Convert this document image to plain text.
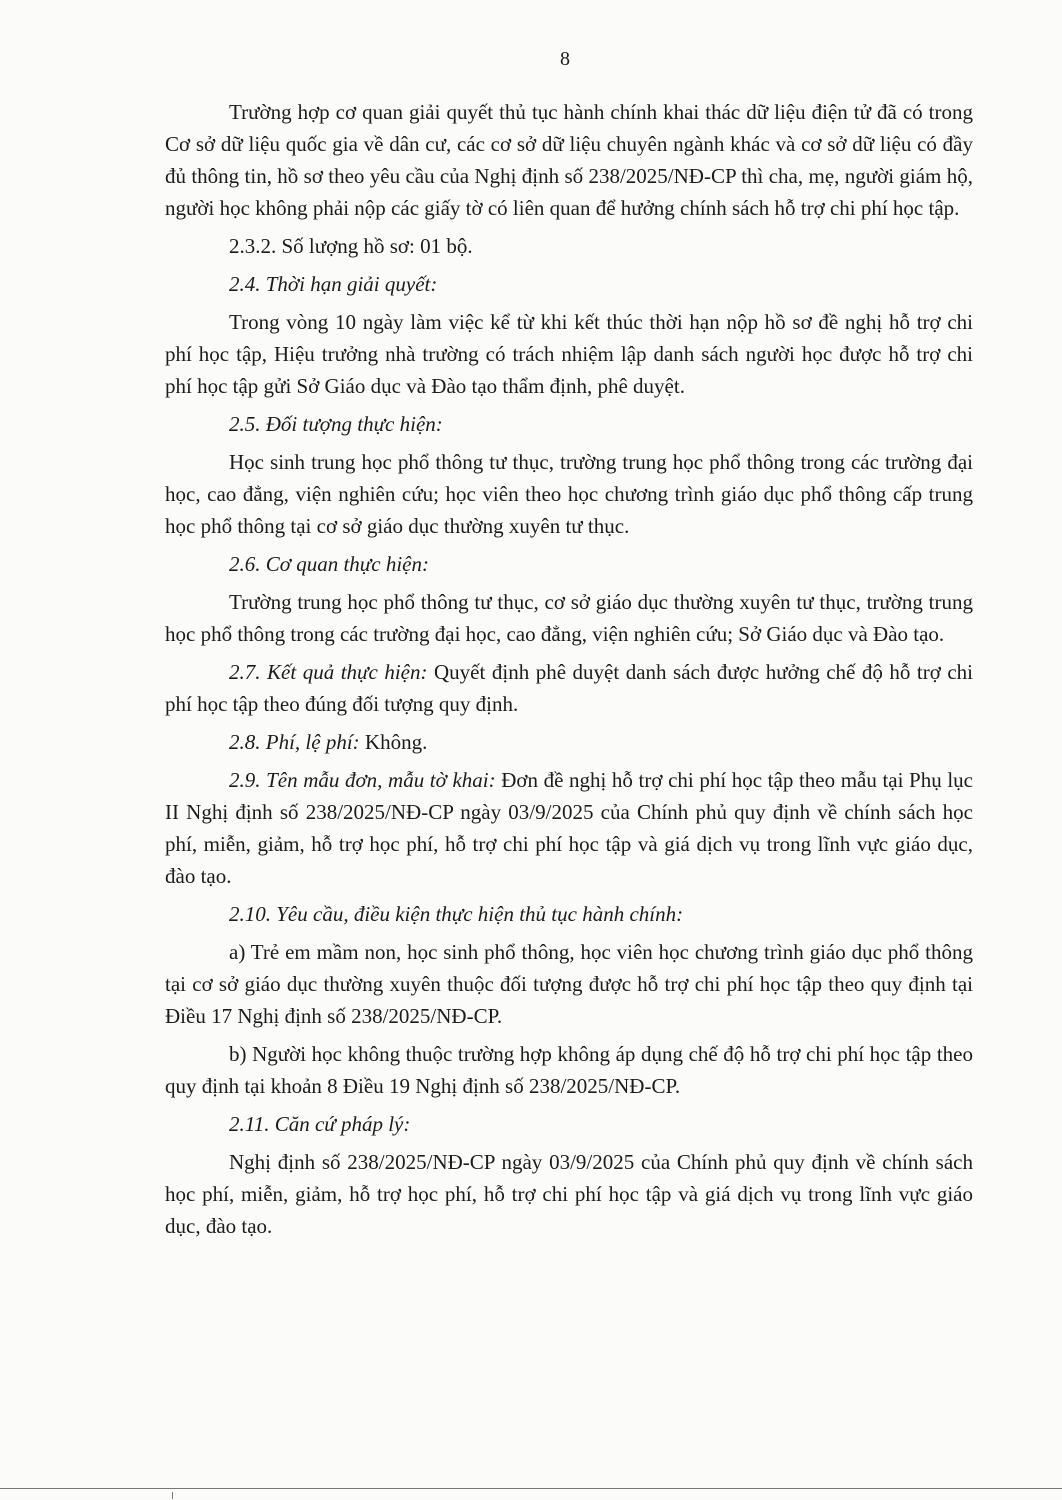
8

Trường hợp cơ quan giải quyết thủ tục hành chính khai thác dữ liệu điện tử đã có trong Cơ sở dữ liệu quốc gia về dân cư, các cơ sở dữ liệu chuyên ngành khác và cơ sở dữ liệu có đầy đủ thông tin, hồ sơ theo yêu cầu của Nghị định số 238/2025/NĐ-CP thì cha, mẹ, người giám hộ, người học không phải nộp các giấy tờ có liên quan để hưởng chính sách hỗ trợ chi phí học tập.

2.3.2. Số lượng hồ sơ: 01 bộ.

2.4. Thời hạn giải quyết:

Trong vòng 10 ngày làm việc kể từ khi kết thúc thời hạn nộp hồ sơ đề nghị hỗ trợ chi phí học tập, Hiệu trưởng nhà trường có trách nhiệm lập danh sách người học được hỗ trợ chi phí học tập gửi Sở Giáo dục và Đào tạo thẩm định, phê duyệt.

2.5. Đối tượng thực hiện:

Học sinh trung học phổ thông tư thục, trường trung học phổ thông trong các trường đại học, cao đẳng, viện nghiên cứu; học viên theo học chương trình giáo dục phổ thông cấp trung học phổ thông tại cơ sở giáo dục thường xuyên tư thục.

2.6. Cơ quan thực hiện:

Trường trung học phổ thông tư thục, cơ sở giáo dục thường xuyên tư thục, trường trung học phổ thông trong các trường đại học, cao đẳng, viện nghiên cứu; Sở Giáo dục và Đào tạo.

2.7. Kết quả thực hiện: Quyết định phê duyệt danh sách được hưởng chế độ hỗ trợ chi phí học tập theo đúng đối tượng quy định.

2.8. Phí, lệ phí: Không.

2.9. Tên mẫu đơn, mẫu tờ khai: Đơn đề nghị hỗ trợ chi phí học tập theo mẫu tại Phụ lục II Nghị định số 238/2025/NĐ-CP ngày 03/9/2025 của Chính phủ quy định về chính sách học phí, miễn, giảm, hỗ trợ học phí, hỗ trợ chi phí học tập và giá dịch vụ trong lĩnh vực giáo dục, đào tạo.

2.10. Yêu cầu, điều kiện thực hiện thủ tục hành chính:

a) Trẻ em mầm non, học sinh phổ thông, học viên học chương trình giáo dục phổ thông tại cơ sở giáo dục thường xuyên thuộc đối tượng được hỗ trợ chi phí học tập theo quy định tại Điều 17 Nghị định số 238/2025/NĐ-CP.

b) Người học không thuộc trường hợp không áp dụng chế độ hỗ trợ chi phí học tập theo quy định tại khoản 8 Điều 19 Nghị định số 238/2025/NĐ-CP.

2.11. Căn cứ pháp lý:

Nghị định số 238/2025/NĐ-CP ngày 03/9/2025 của Chính phủ quy định về chính sách học phí, miễn, giảm, hỗ trợ học phí, hỗ trợ chi phí học tập và giá dịch vụ trong lĩnh vực giáo dục, đào tạo.
